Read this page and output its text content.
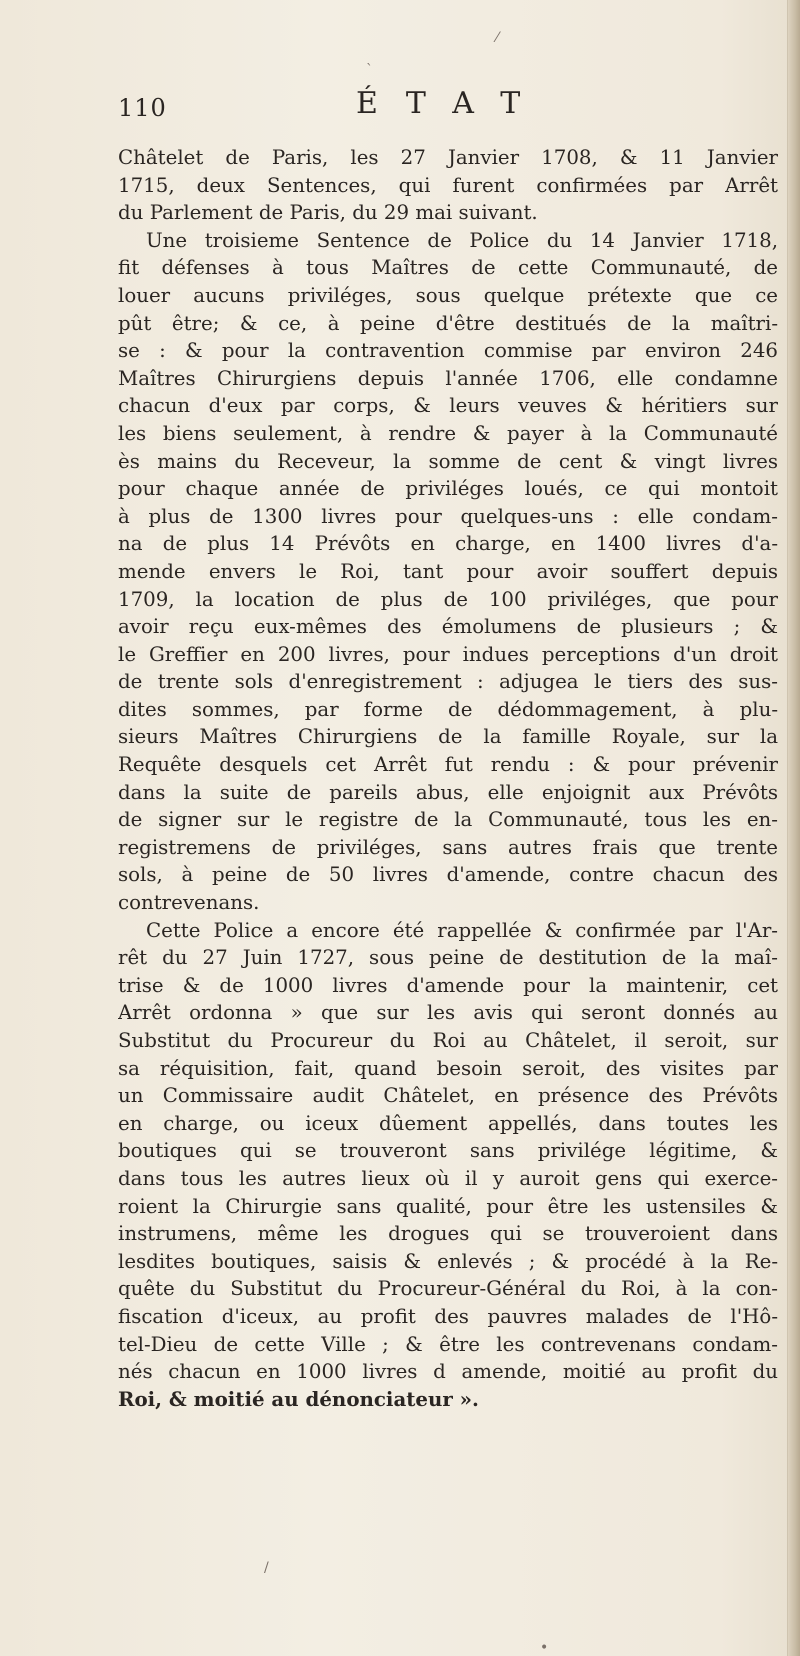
⁄
`
110	ÉTAT
Châtelet de Paris, les 27 Janvier 1708, & 11 Janvier
1715, deux Sentences, qui furent confirmées par Arrêt
du Parlement de Paris, du 29 mai suivant.
Une troisieme Sentence de Police du 14 Janvier 1718,
fit défenses à tous Maîtres de cette Communauté, de
louer aucuns priviléges, sous quelque prétexte que ce
pût être; & ce, à peine d'être destitués de la maîtri-
se : & pour la contravention commise par environ 246
Maîtres Chirurgiens depuis l'année 1706, elle condamne
chacun d'eux par corps, & leurs veuves & héritiers sur
les biens seulement, à rendre & payer à la Communauté
ès mains du Receveur, la somme de cent & vingt livres
pour chaque année de priviléges loués, ce qui montoit
à plus de 1300 livres pour quelques-uns : elle condam-
na de plus 14 Prévôts en charge, en 1400 livres d'a-
mende envers le Roi, tant pour avoir souffert depuis
1709, la location de plus de 100 priviléges, que pour
avoir reçu eux-mêmes des émolumens de plusieurs ; &
le Greffier en 200 livres, pour indues perceptions d'un droit
de trente sols d'enregistrement : adjugea le tiers des sus-
dites sommes, par forme de dédommagement, à plu-
sieurs Maîtres Chirurgiens de la famille Royale, sur la
Requête desquels cet Arrêt fut rendu : & pour prévenir
dans la suite de pareils abus, elle enjoignit aux Prévôts
de signer sur le registre de la Communauté, tous les en-
registremens de priviléges, sans autres frais que trente
sols, à peine de 50 livres d'amende, contre chacun des
contrevenans.
Cette Police a encore été rappellée & confirmée par l'Ar-
rêt du 27 Juin 1727, sous peine de destitution de la maî-
trise & de 1000 livres d'amende pour la maintenir, cet
Arrêt ordonna » que sur les avis qui seront donnés au
Substitut du Procureur du Roi au Châtelet, il seroit, sur
sa réquisition, fait, quand besoin seroit, des visites par
un Commissaire audit Châtelet, en présence des Prévôts
en charge, ou iceux dûement appellés, dans toutes les
boutiques qui se trouveront sans privilége légitime, &
dans tous les autres lieux où il y auroit gens qui exerce-
roient la Chirurgie sans qualité, pour être les ustensiles &
instrumens, même les drogues qui se trouveroient dans
lesdites boutiques, saisis & enlevés ; & procédé à la Re-
quête du Substitut du Procureur-Général du Roi, à la con-
fiscation d'iceux, au profit des pauvres malades de l'Hô-
tel-Dieu de cette Ville ; & être les contrevenans condam-
nés chacun en 1000 livres d amende, moitié au profit du
Roi, & moitié au dénonciateur ».
/
•
